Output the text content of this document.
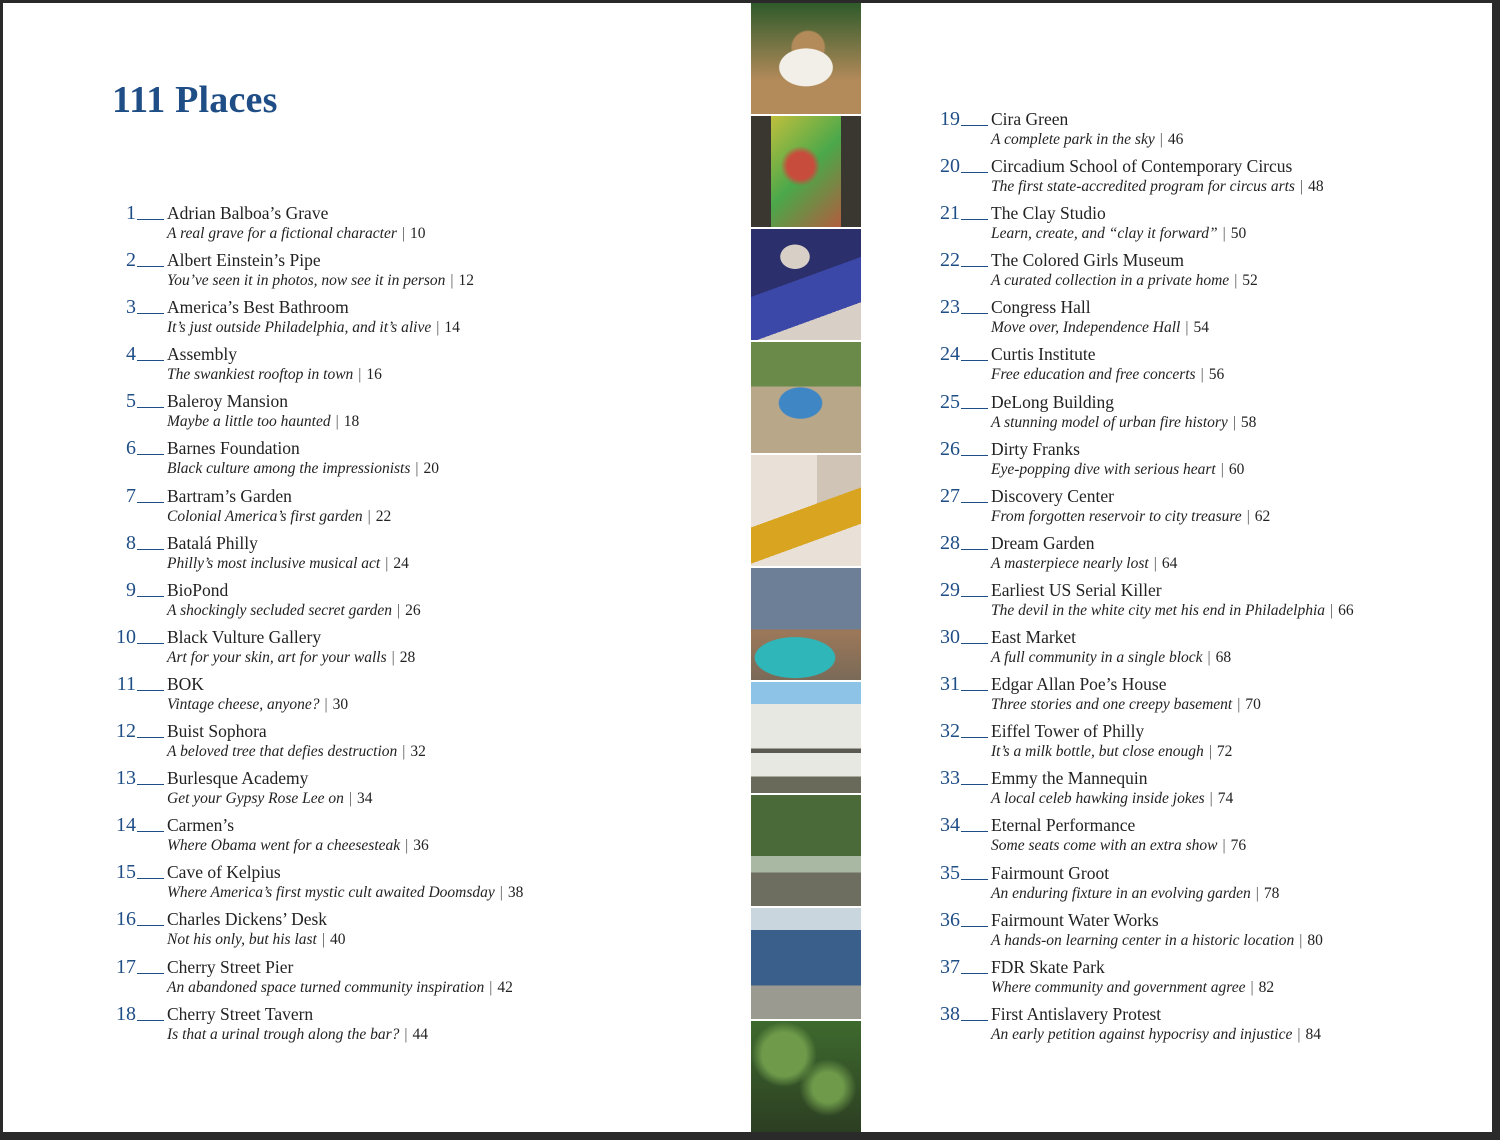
111 Places
1 Adrian Balboa’s Grave
A real grave for a fictional character | 10
2 Albert Einstein’s Pipe
You’ve seen it in photos, now see it in person | 12
3 America’s Best Bathroom
It’s just outside Philadelphia, and it’s alive | 14
4 Assembly
The swankiest rooftop in town | 16
5 Baleroy Mansion
Maybe a little too haunted | 18
6 Barnes Foundation
Black culture among the impressionists | 20
7 Bartram’s Garden
Colonial America’s first garden | 22
8 Batalá Philly
Philly’s most inclusive musical act | 24
9 BioPond
A shockingly secluded secret garden | 26
10 Black Vulture Gallery
Art for your skin, art for your walls | 28
11 BOK
Vintage cheese, anyone? | 30
12 Buist Sophora
A beloved tree that defies destruction | 32
13 Burlesque Academy
Get your Gypsy Rose Lee on | 34
14 Carmen’s
Where Obama went for a cheesesteak | 36
15 Cave of Kelpius
Where America’s first mystic cult awaited Doomsday | 38
16 Charles Dickens’ Desk
Not his only, but his last | 40
17 Cherry Street Pier
An abandoned space turned community inspiration | 42
18 Cherry Street Tavern
Is that a urinal trough along the bar? | 44
19 Cira Green
A complete park in the sky | 46
20 Circadium School of Contemporary Circus
The first state-accredited program for circus arts | 48
21 The Clay Studio
Learn, create, and “clay it forward” | 50
22 The Colored Girls Museum
A curated collection in a private home | 52
23 Congress Hall
Move over, Independence Hall | 54
24 Curtis Institute
Free education and free concerts | 56
25 DeLong Building
A stunning model of urban fire history | 58
26 Dirty Franks
Eye-popping dive with serious heart | 60
27 Discovery Center
From forgotten reservoir to city treasure | 62
28 Dream Garden
A masterpiece nearly lost | 64
29 Earliest US Serial Killer
The devil in the white city met his end in Philadelphia | 66
30 East Market
A full community in a single block | 68
31 Edgar Allan Poe’s House
Three stories and one creepy basement | 70
32 Eiffel Tower of Philly
It’s a milk bottle, but close enough | 72
33 Emmy the Mannequin
A local celeb hawking inside jokes | 74
34 Eternal Performance
Some seats come with an extra show | 76
35 Fairmount Groot
An enduring fixture in an evolving garden | 78
36 Fairmount Water Works
A hands-on learning center in a historic location | 80
37 FDR Skate Park
Where community and government agree | 82
38 First Antislavery Protest
An early petition against hypocrisy and injustice | 84
